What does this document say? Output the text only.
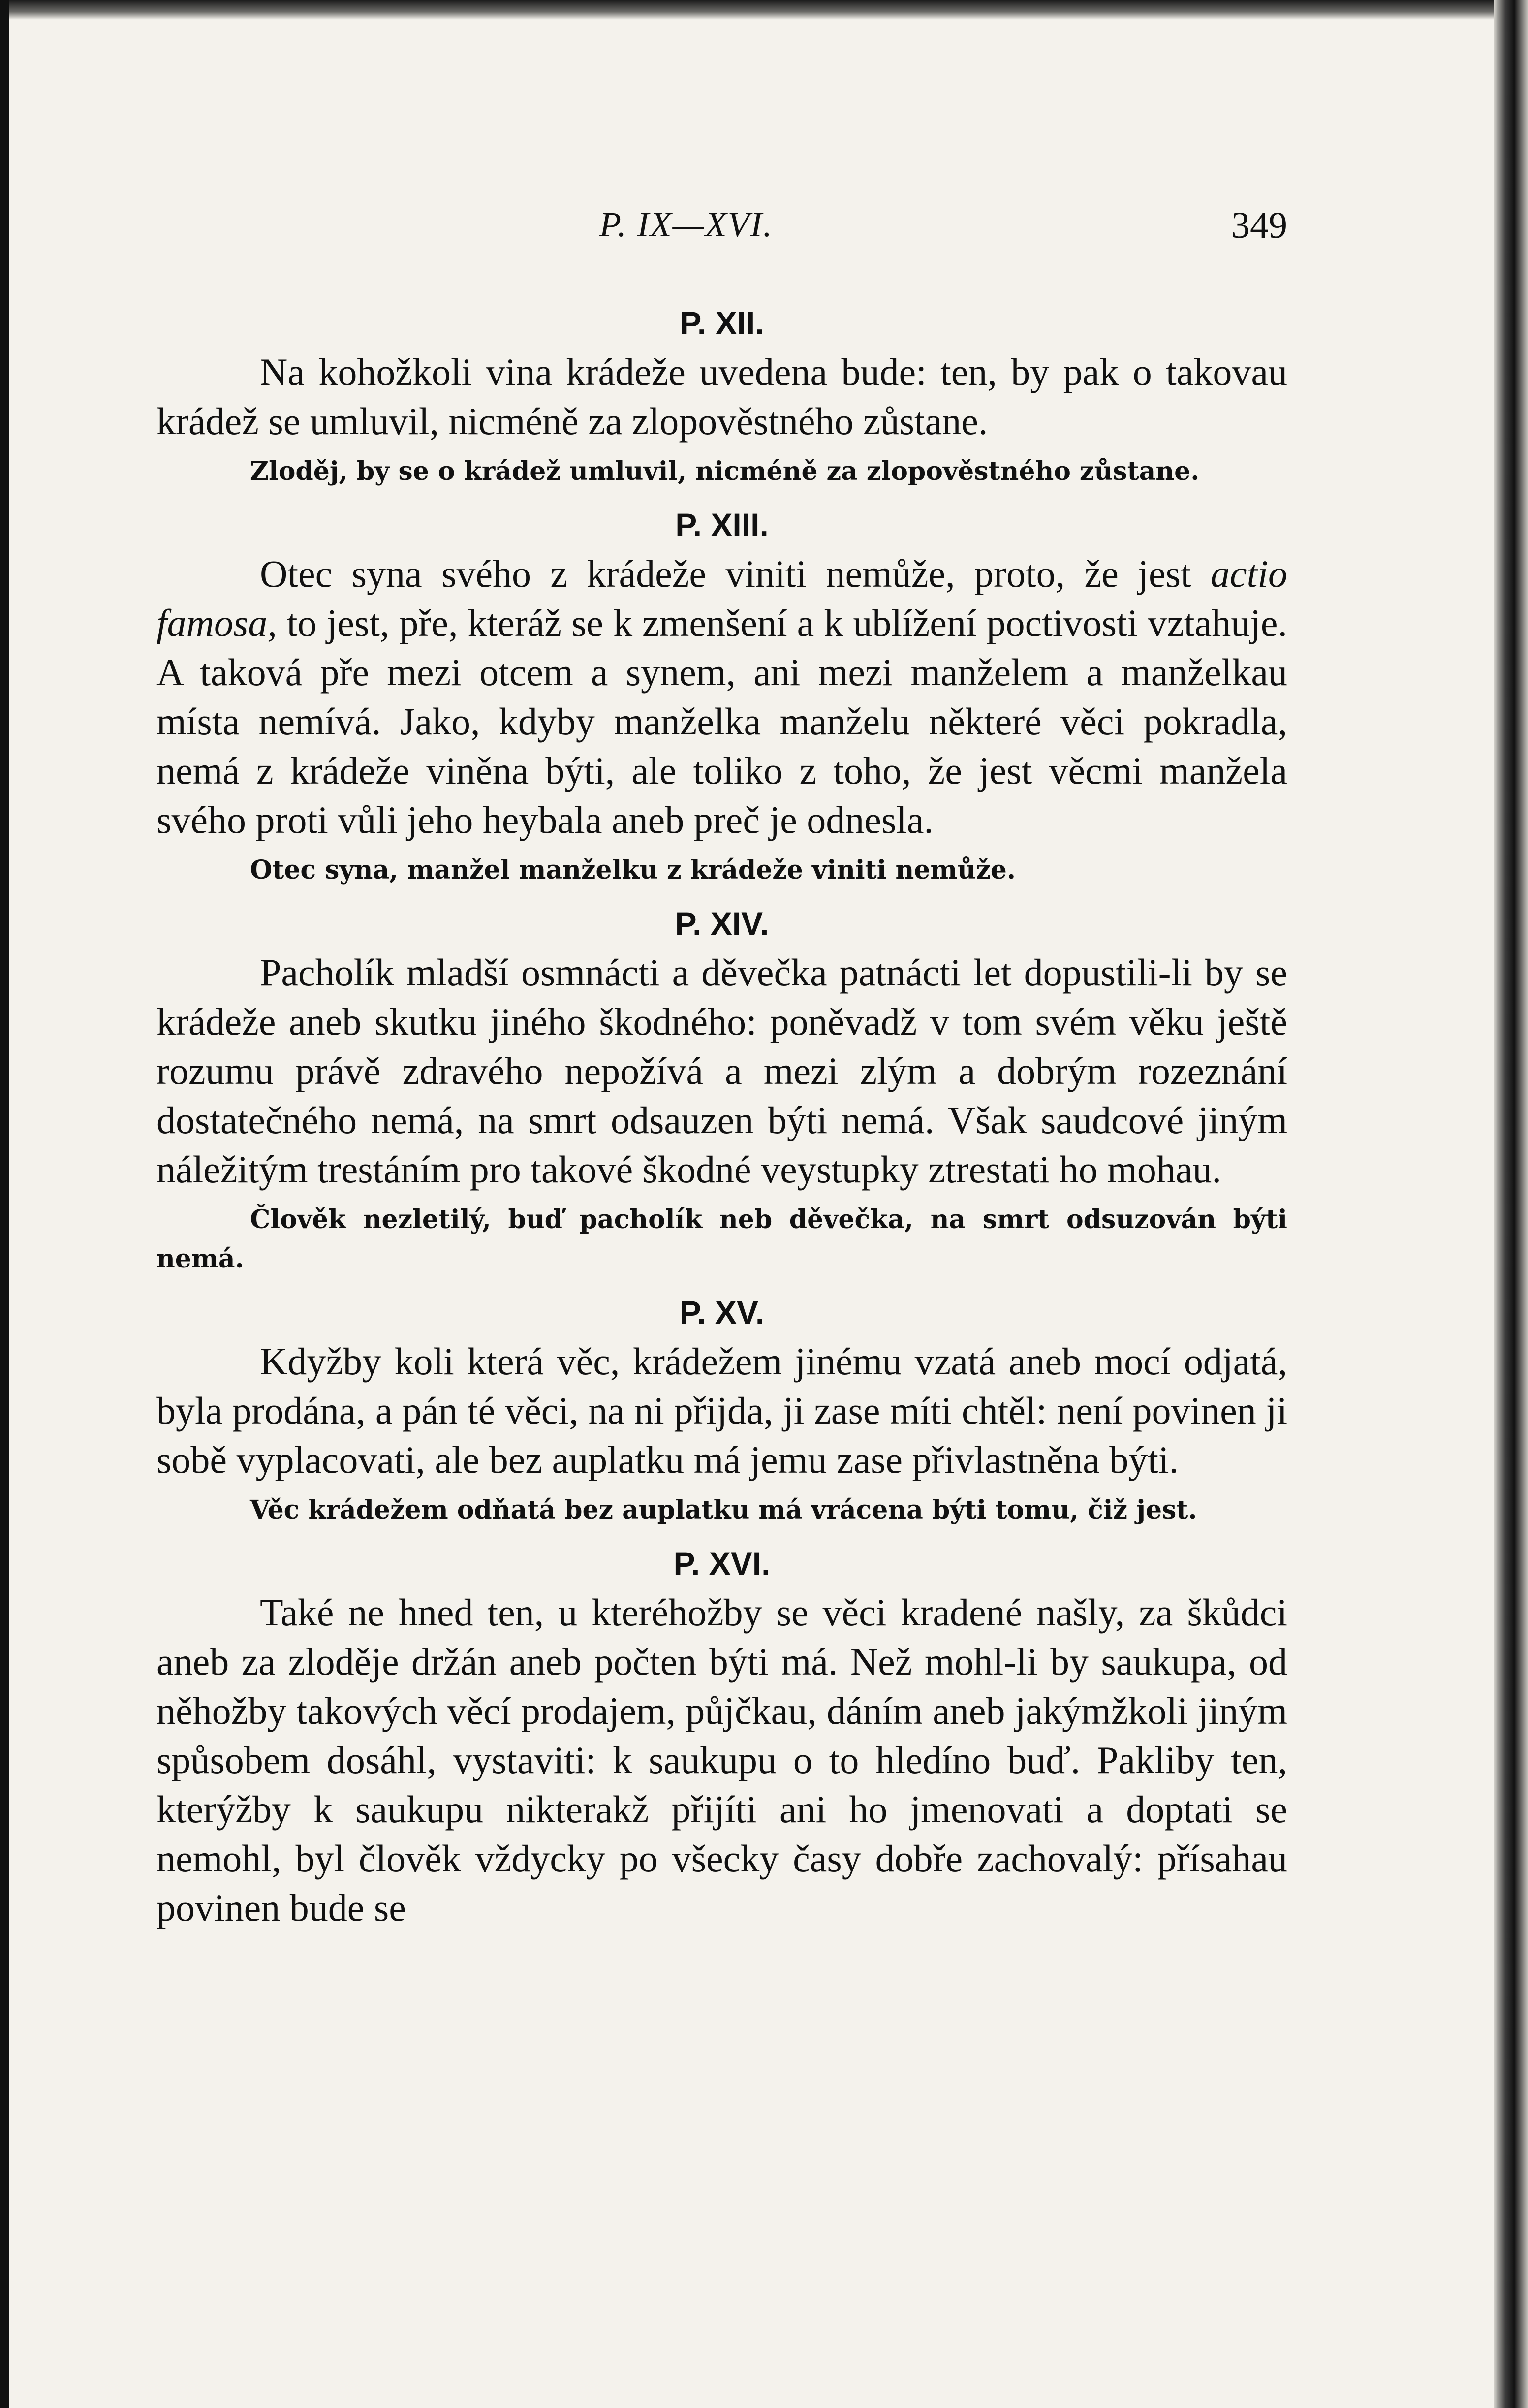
P. IX—XVI.	349
P. XII.

Na kohožkoli vina krádeže uvedena bude: ten, by pak o takovau krádež se umluvil, nicméně za zlopověstného zůstane.

Zloděj, by se o krádež umluvil, nicméně za zlopověstného zůstane.

P. XIII.

Otec syna svého z krádeže viniti nemůže, proto, že jest actio famosa, to jest, pře, kteráž se k zmenšení a k ublížení poctivosti vztahuje. A taková pře mezi otcem a synem, ani mezi manželem a manželkau místa nemívá. Jako, kdyby manželka manželu některé věci pokradla, nemá z krádeže viněna býti, ale toliko z toho, že jest věcmi manžela svého proti vůli jeho heybala aneb preč je odnesla.

Otec syna, manžel manželku z krádeže viniti nemůže.

P. XIV.

Pacholík mladší osmnácti a děvečka patnácti let dopustili-li by se krádeže aneb skutku jiného škodného: poněvadž v tom svém věku ještě rozumu právě zdravého nepožívá a mezi zlým a dobrým rozeznání dostatečného nemá, na smrt odsauzen býti nemá. Však saudcové jiným náležitým trestáním pro takové škodné veystupky ztrestati ho mohau.

Člověk nezletilý, buď pacholík neb děvečka, na smrt odsuzován býti nemá.

P. XV.

Kdyžby koli která věc, krádežem jinému vzatá aneb mocí odjatá, byla prodána, a pán té věci, na ni přijda, ji zase míti chtěl: není povinen ji sobě vyplacovati, ale bez auplatku má jemu zase přivlastněna býti.

Věc krádežem odňatá bez auplatku má vrácena býti tomu, čiž jest.

P. XVI.

Také ne hned ten, u kteréhožby se věci kradené našly, za škůdci aneb za zloděje držán aneb počten býti má. Než mohl-li by saukupa, od něhožby takových věcí prodajem, půjčkau, dáním aneb jakýmžkoli jiným spůsobem dosáhl, vystaviti: k saukupu o to hledíno buď. Pakliby ten, kterýžby k saukupu nikterakž přijíti ani ho jmenovati a doptati se nemohl, byl člověk vždycky po všecky časy dobře zachovalý: přísahau povinen bude se
